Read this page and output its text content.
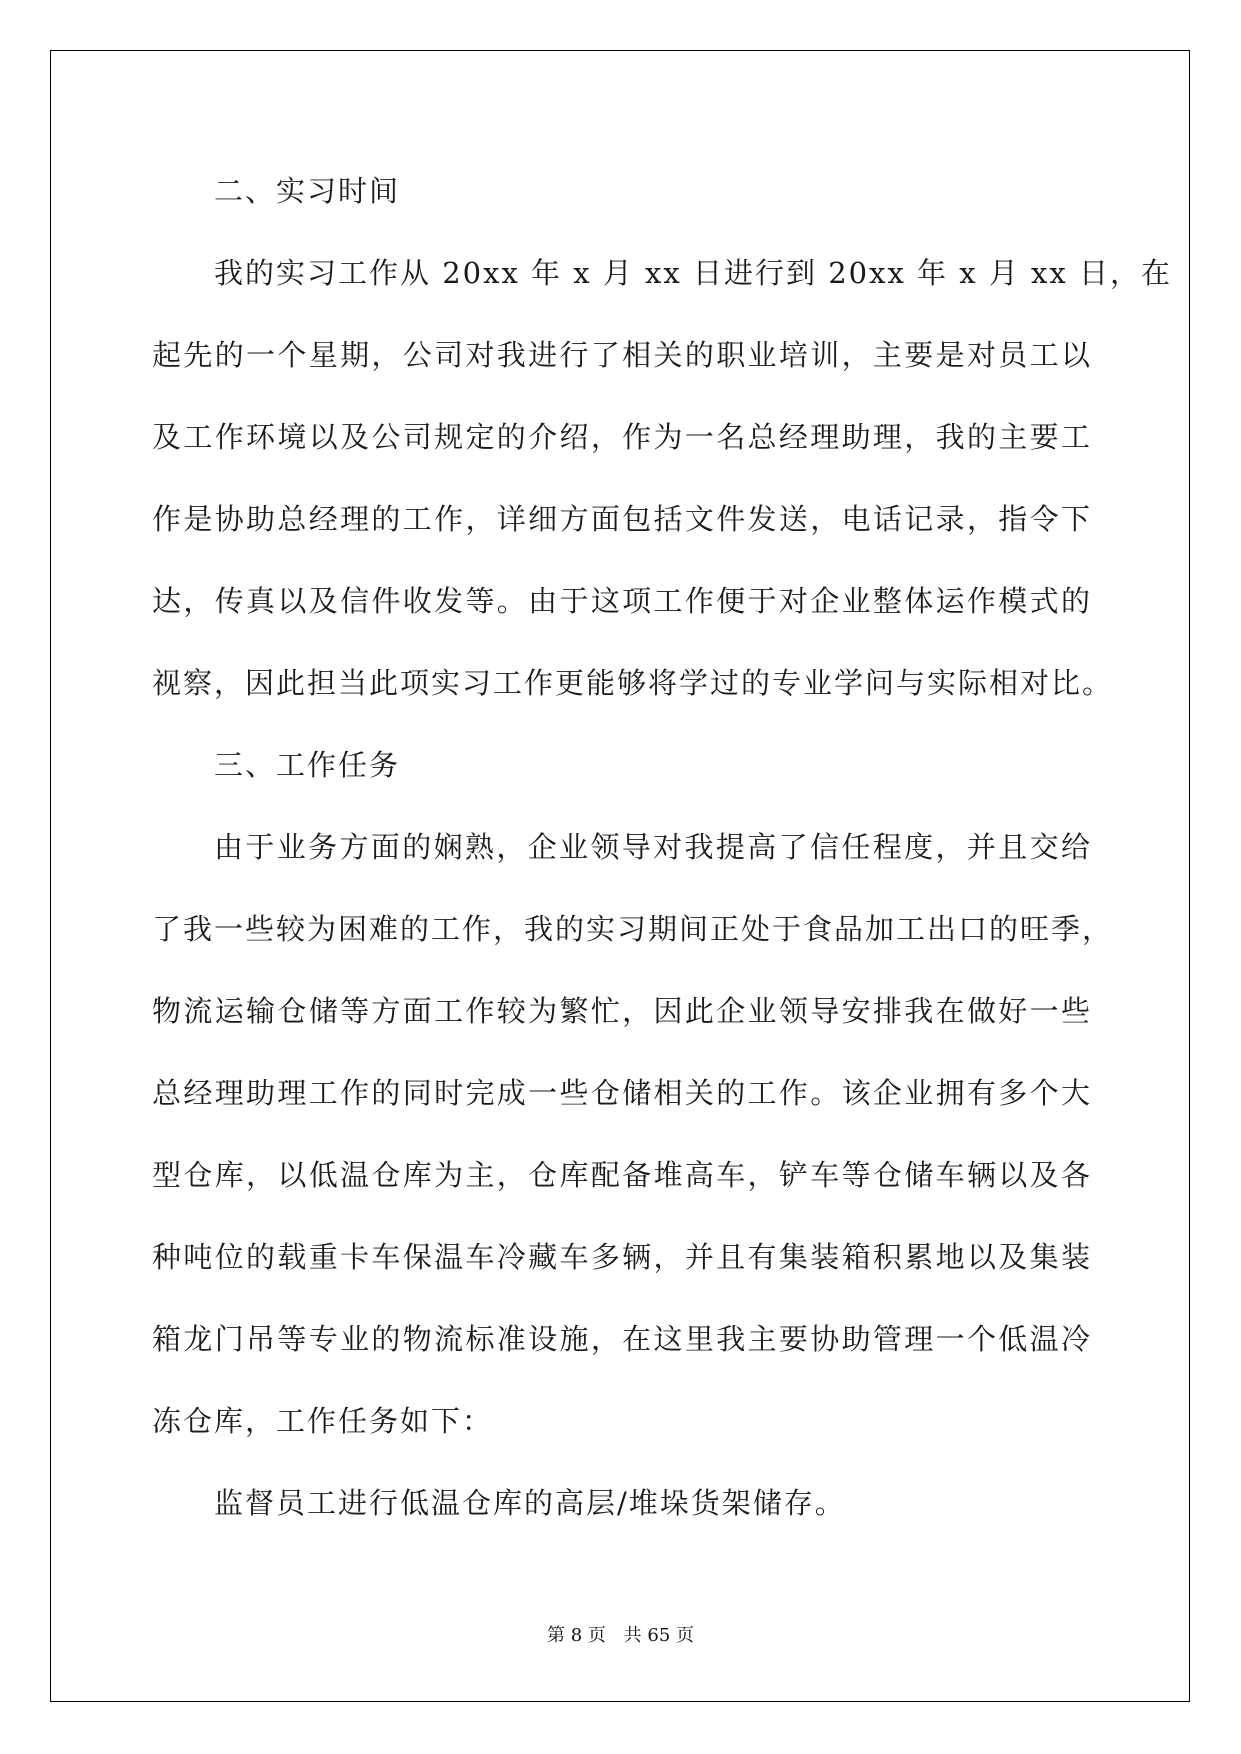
二、实习时间
我的实习工作从 20xx 年 x 月 xx 日进行到 20xx 年 x 月 xx 日，在
起先的一个星期，公司对我进行了相关的职业培训，主要是对员工以
及工作环境以及公司规定的介绍，作为一名总经理助理，我的主要工
作是协助总经理的工作，详细方面包括文件发送，电话记录，指令下
达，传真以及信件收发等。由于这项工作便于对企业整体运作模式的
视察，因此担当此项实习工作更能够将学过的专业学问与实际相对比。
三、工作任务
由于业务方面的娴熟，企业领导对我提高了信任程度，并且交给
了我一些较为困难的工作，我的实习期间正处于食品加工出口的旺季，
物流运输仓储等方面工作较为繁忙，因此企业领导安排我在做好一些
总经理助理工作的同时完成一些仓储相关的工作。该企业拥有多个大
型仓库，以低温仓库为主，仓库配备堆高车，铲车等仓储车辆以及各
种吨位的载重卡车保温车冷藏车多辆，并且有集装箱积累地以及集装
箱龙门吊等专业的物流标准设施，在这里我主要协助管理一个低温冷
冻仓库，工作任务如下：
监督员工进行低温仓库的高层/堆垛货架储存。
第 8 页 共 65 页
